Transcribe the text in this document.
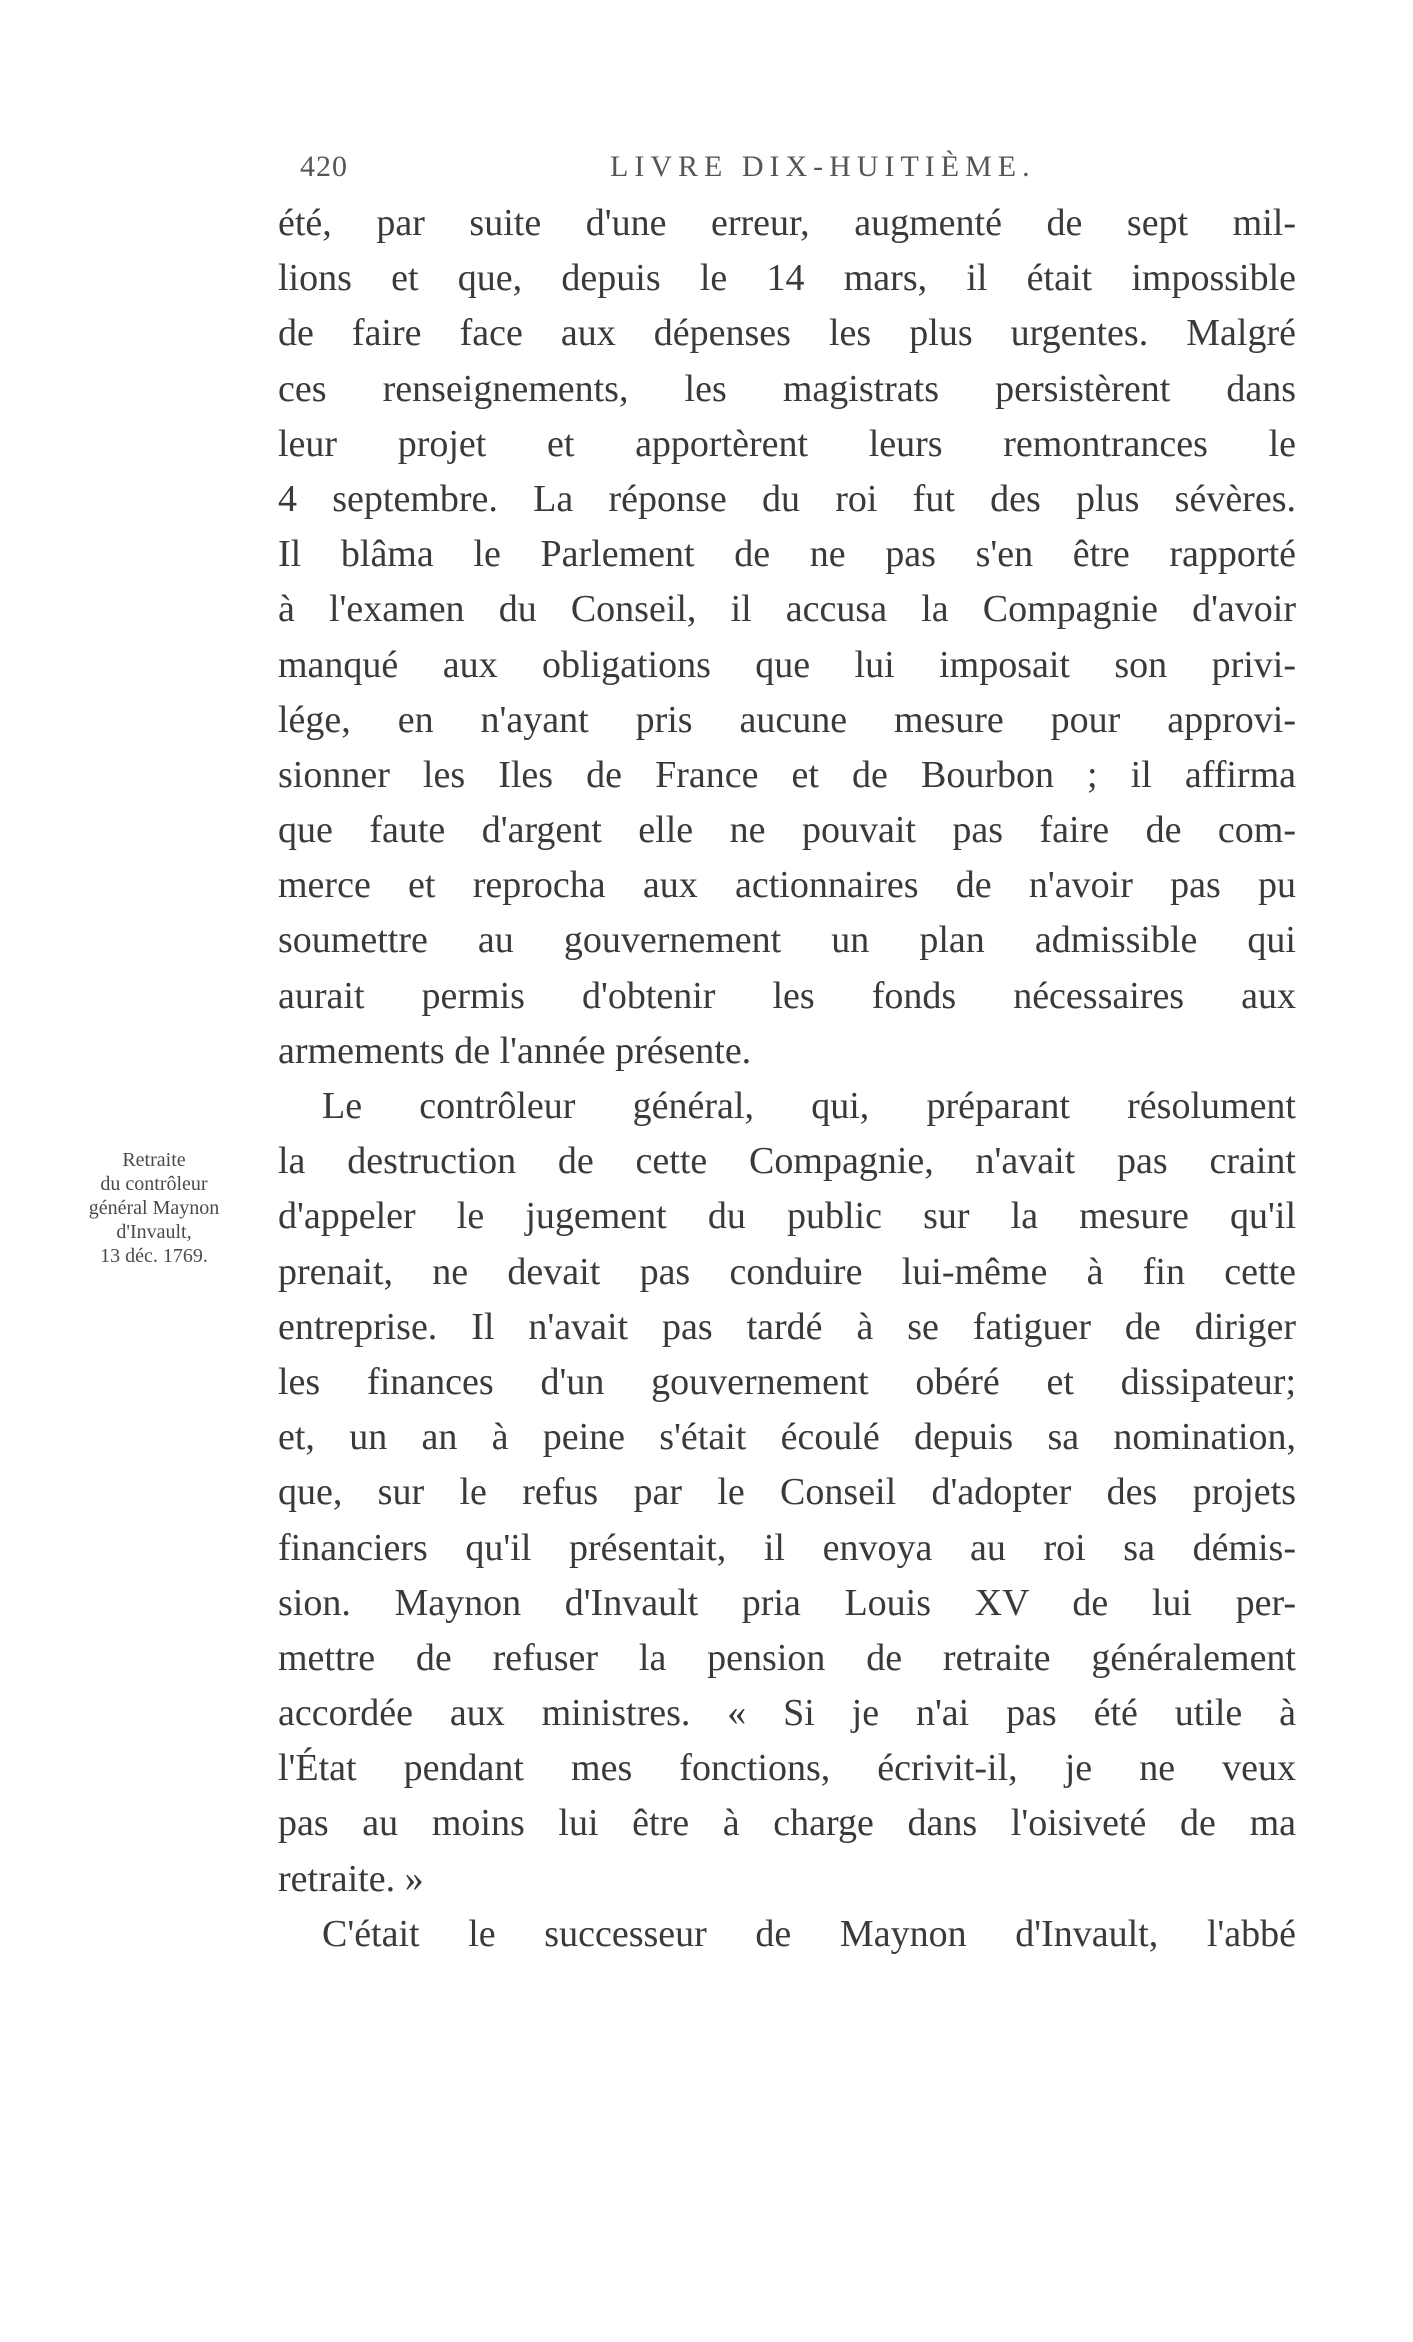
420	LIVRE DIX-HUITIÈME.
Retraite
du contrôleur
général Maynon
d'Invault,
13 déc. 1769.
été, par suite d'une erreur, augmenté de sept mil-
lions et que, depuis le 14 mars, il était impossible
de faire face aux dépenses les plus urgentes. Malgré
ces renseignements, les magistrats persistèrent dans
leur projet et apportèrent leurs remontrances le
4 septembre. La réponse du roi fut des plus sévères.
Il blâma le Parlement de ne pas s'en être rapporté
à l'examen du Conseil, il accusa la Compagnie d'avoir
manqué aux obligations que lui imposait son privi-
lége, en n'ayant pris aucune mesure pour approvi-
sionner les Iles de France et de Bourbon ; il affirma
que faute d'argent elle ne pouvait pas faire de com-
merce et reprocha aux actionnaires de n'avoir pas pu
soumettre au gouvernement un plan admissible qui
aurait permis d'obtenir les fonds nécessaires aux
armements de l'année présente.
Le contrôleur général, qui, préparant résolument
la destruction de cette Compagnie, n'avait pas craint
d'appeler le jugement du public sur la mesure qu'il
prenait, ne devait pas conduire lui-même à fin cette
entreprise. Il n'avait pas tardé à se fatiguer de diriger
les finances d'un gouvernement obéré et dissipateur;
et, un an à peine s'était écoulé depuis sa nomination,
que, sur le refus par le Conseil d'adopter des projets
financiers qu'il présentait, il envoya au roi sa démis-
sion. Maynon d'Invault pria Louis XV de lui per-
mettre de refuser la pension de retraite généralement
accordée aux ministres. « Si je n'ai pas été utile à
l'État pendant mes fonctions, écrivit-il, je ne veux
pas au moins lui être à charge dans l'oisiveté de ma
retraite. »
C'était le successeur de Maynon d'Invault, l'abbé
